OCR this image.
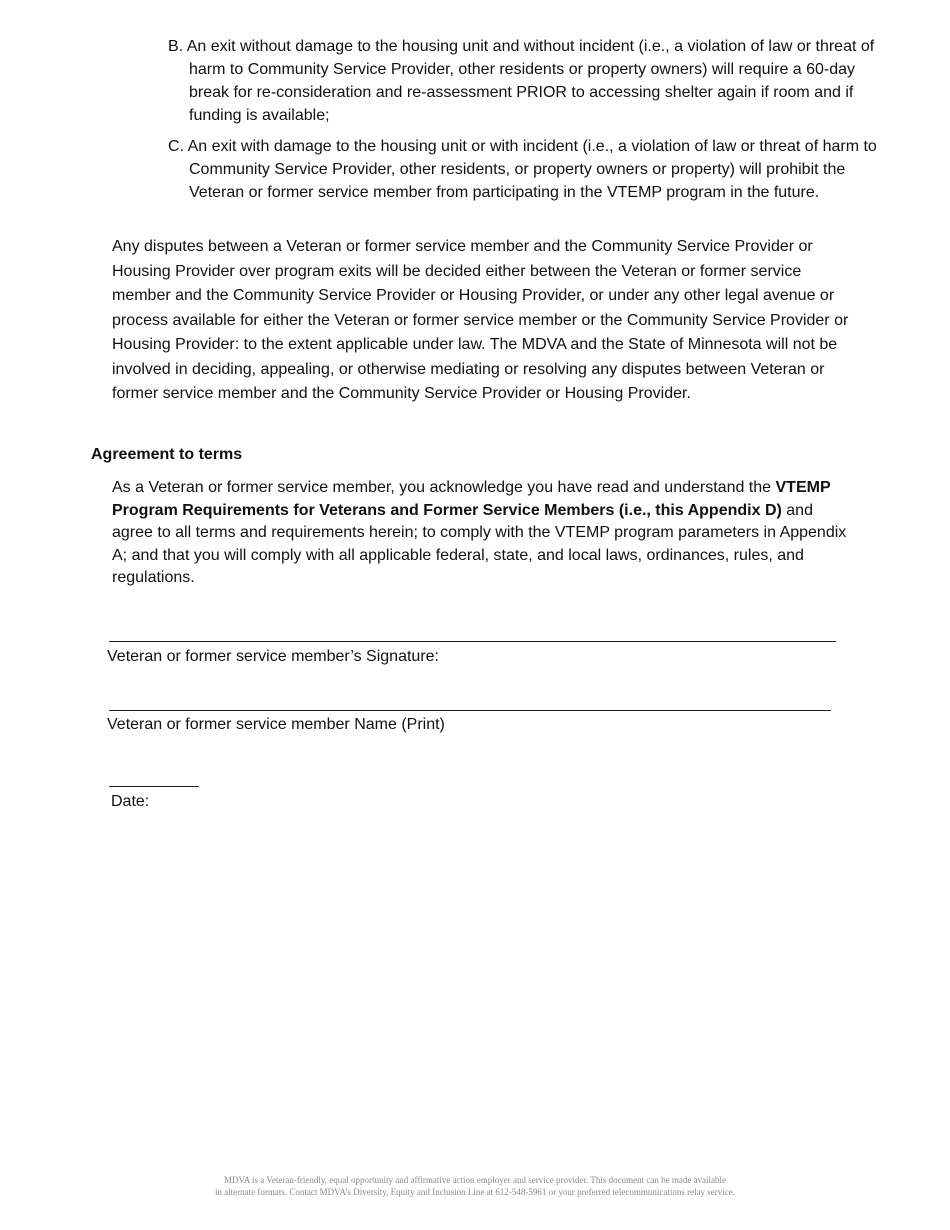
B. An exit without damage to the housing unit and without incident (i.e., a violation of law or threat of harm to Community Service Provider, other residents or property owners) will require a 60-day break for re-consideration and re-assessment PRIOR to accessing shelter again if room and if funding is available;
C. An exit with damage to the housing unit or with incident (i.e., a violation of law or threat of harm to Community Service Provider, other residents, or property owners or property) will prohibit the Veteran or former service member from participating in the VTEMP program in the future.
Any disputes between a Veteran or former service member and the Community Service Provider or Housing Provider over program exits will be decided either between the Veteran or former service member and the Community Service Provider or Housing Provider, or under any other legal avenue or process available for either the Veteran or former service member or the Community Service Provider or Housing Provider: to the extent applicable under law. The MDVA and the State of Minnesota will not be involved in deciding, appealing, or otherwise mediating or resolving any disputes between Veteran or former service member and the Community Service Provider or Housing Provider.
Agreement to terms
As a Veteran or former service member, you acknowledge you have read and understand the VTEMP Program Requirements for Veterans and Former Service Members (i.e., this Appendix D) and agree to all terms and requirements herein; to comply with the VTEMP program parameters in Appendix A; and that you will comply with all applicable federal, state, and local laws, ordinances, rules, and regulations.
Veteran or former service member’s Signature:
Veteran or former service member Name (Print)
Date:
MDVA is a Veteran-friendly, equal opportunity and affirmative action employer and service provider. This document can be made available
in alternate formats. Contact MDVA’s Diversity, Equity and Inclusion Line at 612-548-5961 or your preferred telecommunications relay service.
